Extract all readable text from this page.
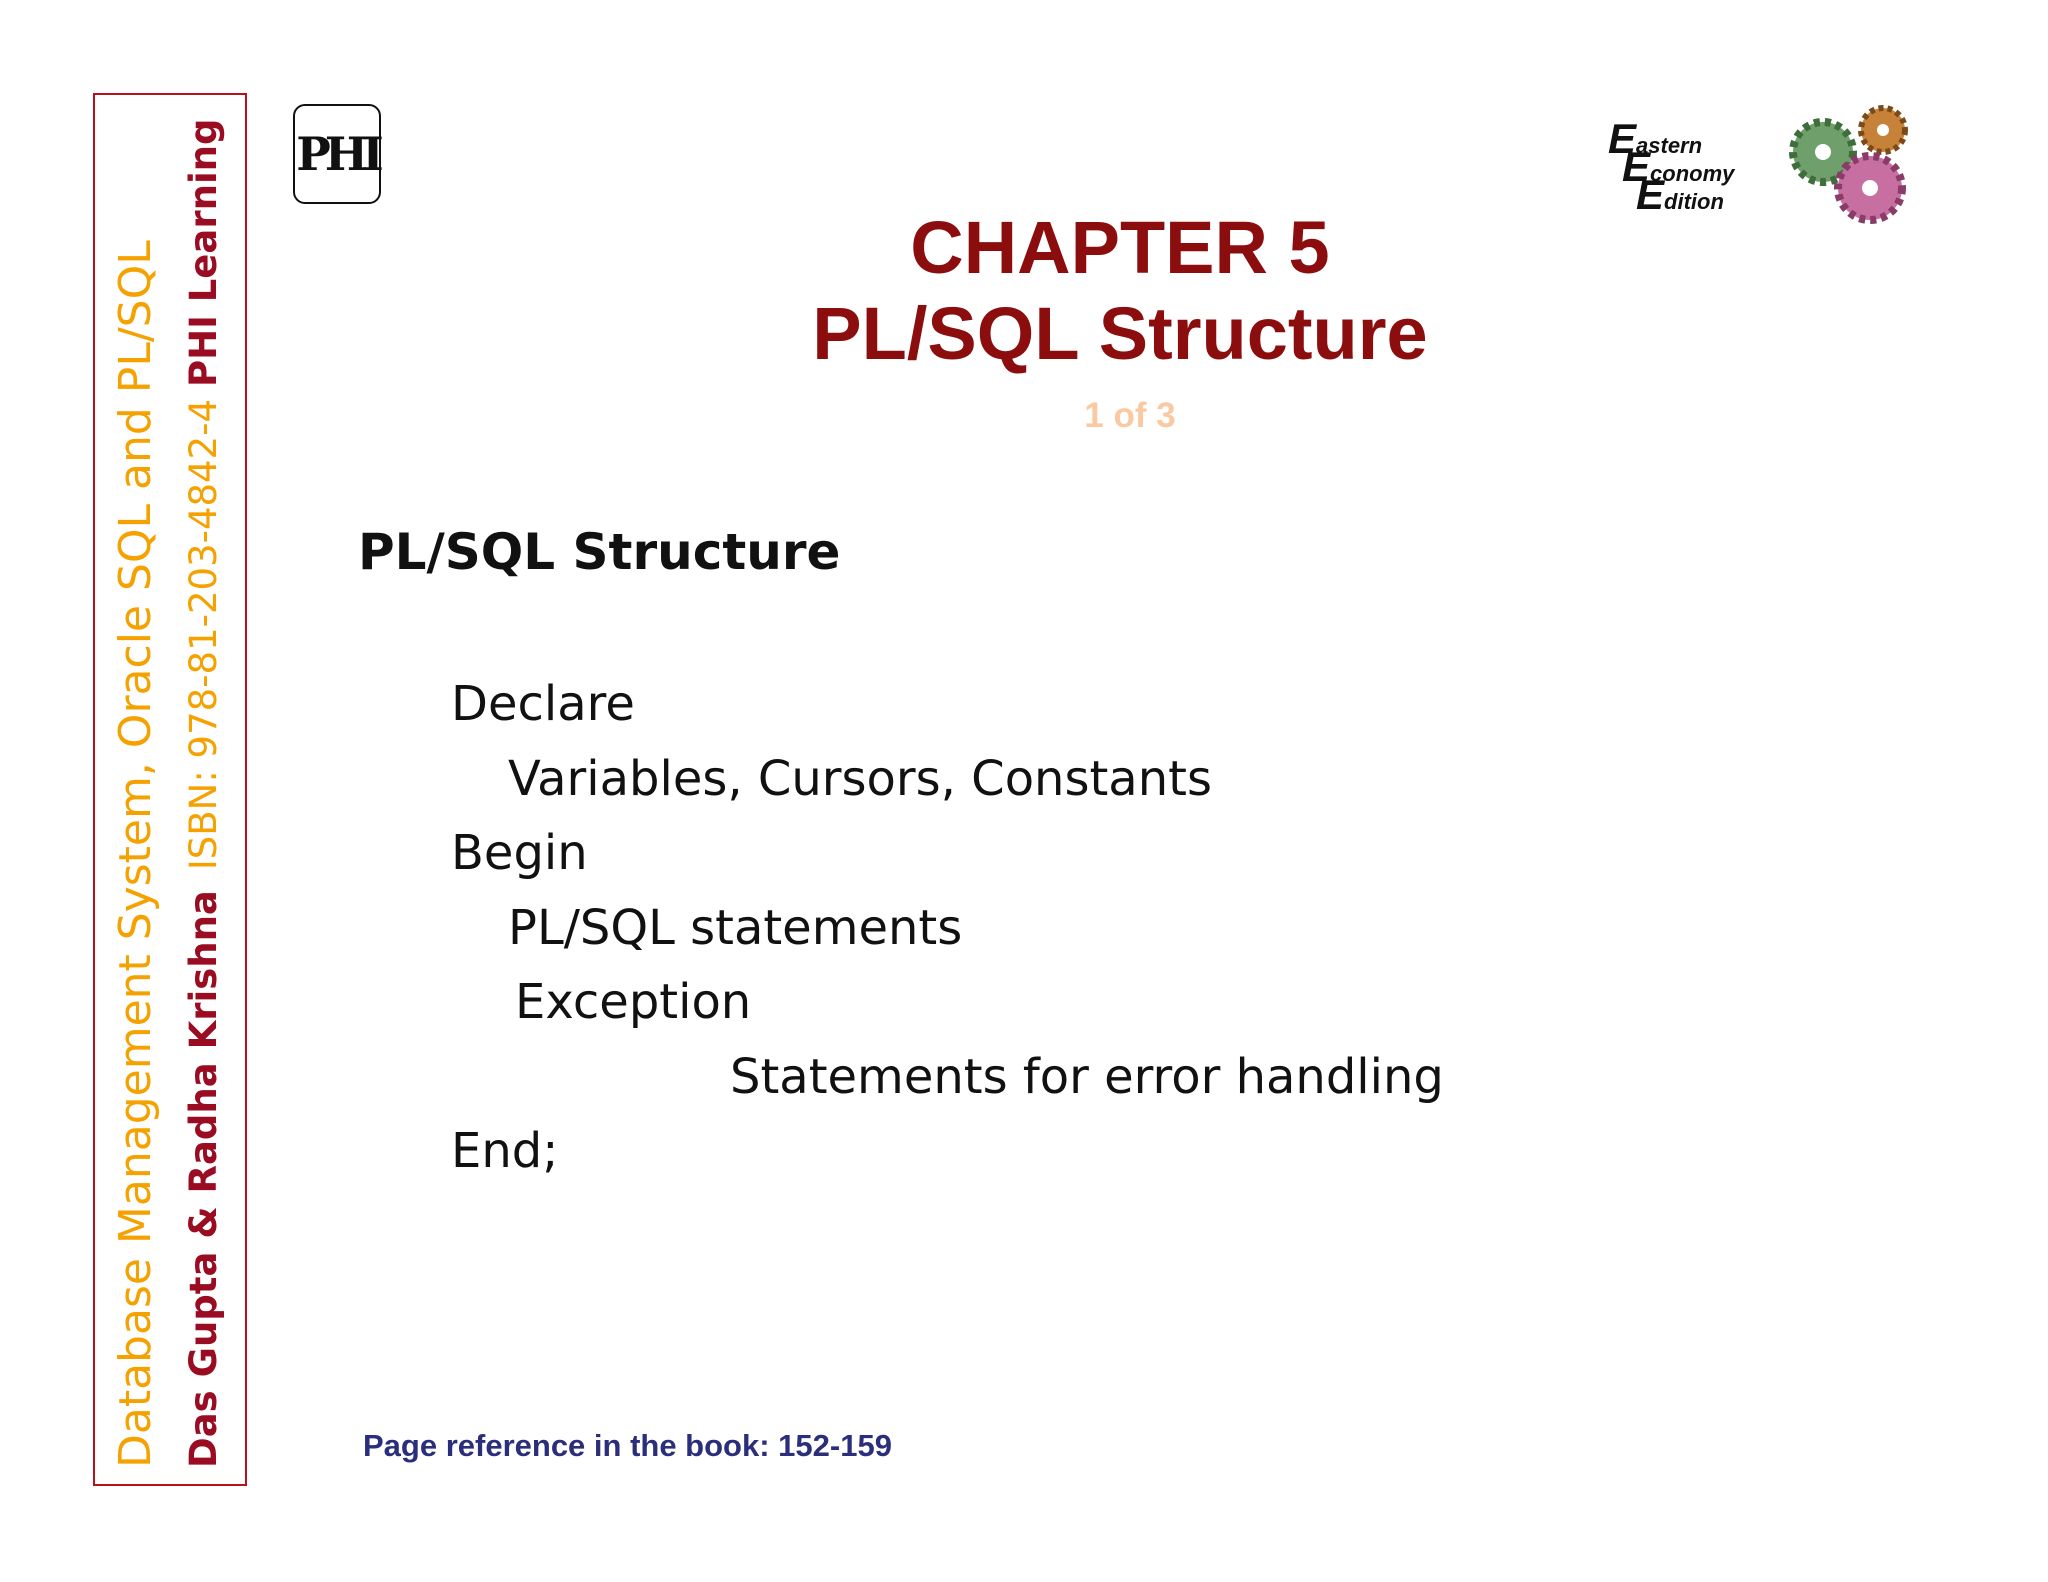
Database Management System, Oracle SQL and PL/SQL Das Gupta & Radha KrishnaISBN: 978-81-203-4842-4PHI Learning PHI	Eastern
Economy
Edition
CHAPTER 5
PL/SQL Structure
1 of 3
PL/SQL Structure
Declare
Variables, Cursors, Constants
Begin
PL/SQL statements
Exception
Statements for error handling
End;
Page reference in the book: 152-159
